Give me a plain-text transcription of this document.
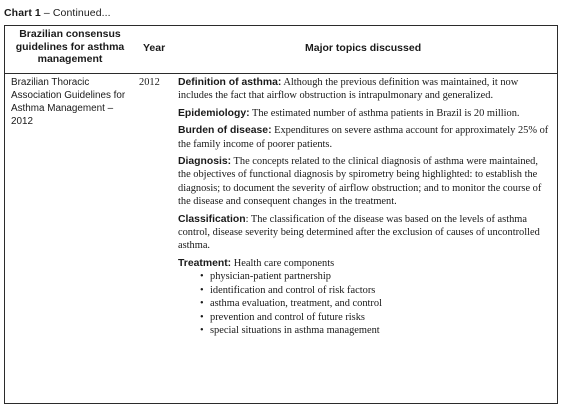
Chart 1 – Continued...
Brazilian consensus guidelines for asthma management
Year	Major topics discussed
Brazilian Thoracic Association Guidelines for Asthma Management – 2012
2012 Definition of asthma: Although the previous definition was maintained, it now includes the fact that airflow obstruction is intrapulmonary and generalized.

Epidemiology: The estimated number of asthma patients in Brazil is 20 million.

Burden of disease: Expenditures on severe asthma account for approximately 25% of the family income of poorer patients.

Diagnosis: The concepts related to the clinical diagnosis of asthma were maintained, the objectives of functional diagnosis by spirometry being highlighted: to establish the diagnosis; to document the severity of airflow obstruction; and to monitor the course of the disease and consequent changes in the treatment.

Classification: The classification of the disease was based on the levels of asthma control, disease severity being determined after the exclusion of causes of uncontrolled asthma.

Treatment: Health care components

• physician-patient partnership
• identification and control of risk factors
• asthma evaluation, treatment, and control
• prevention and control of future risks
• special situations in asthma management
